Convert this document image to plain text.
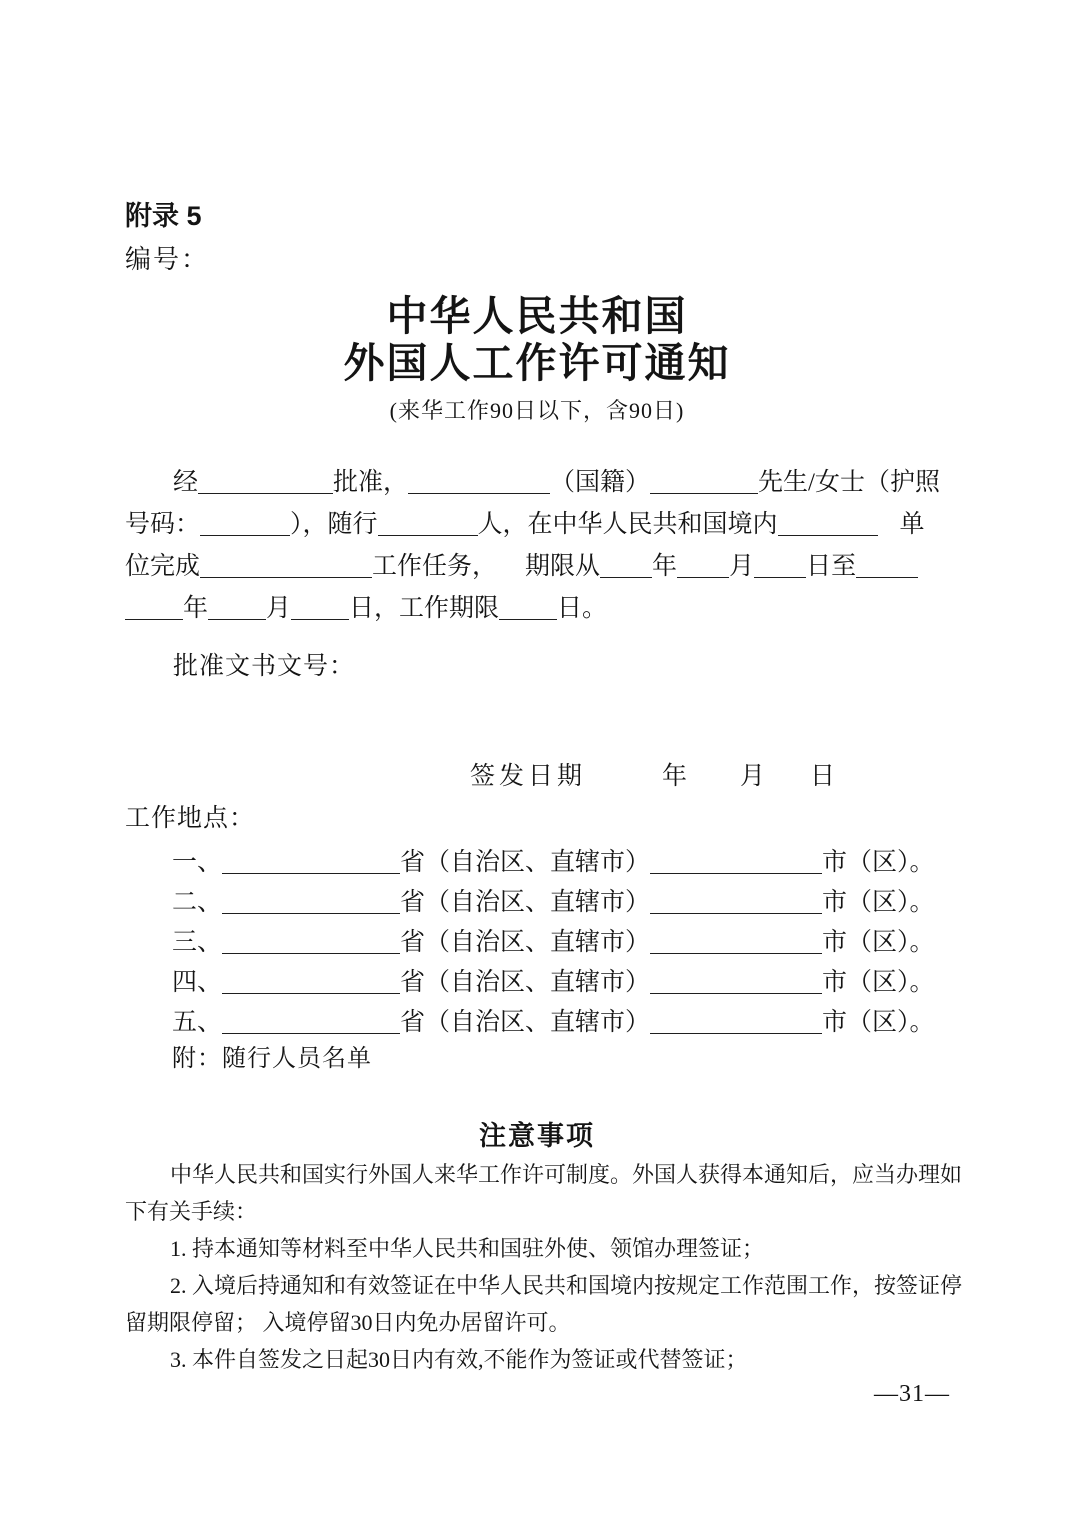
附录 5
编号：
中华人民共和国
外国人工作许可通知
(来华工作90日以下，含90日)
经	批准，	（国籍）	先生/女士（护照
号码：	），随行	人，在中华人民共和国境内	单
位完成	工作任务， 期限从 年 月 日至
年 月 日，工作期限 日。
批准文书文号：
签发日期	年 月 日
工作地点：
一、	省（自治区、直辖市）	市（区）。
二、	省（自治区、直辖市）	市（区）。
三、	省（自治区、直辖市）	市（区）。
四、	省（自治区、直辖市）	市（区）。
五、	省（自治区、直辖市）	市（区）。
附：随行人员名单
注意事项
中华人民共和国实行外国人来华工作许可制度。外国人获得本通知后，应当办理如
下有关手续：
1. 持本通知等材料至中华人民共和国驻外使、领馆办理签证；
2. 入境后持通知和有效签证在中华人民共和国境内按规定工作范围工作，按签证停
留期限停留； 入境停留30日内免办居留许可。
3. 本件自签发之日起30日内有效,不能作为签证或代替签证；
—31—
